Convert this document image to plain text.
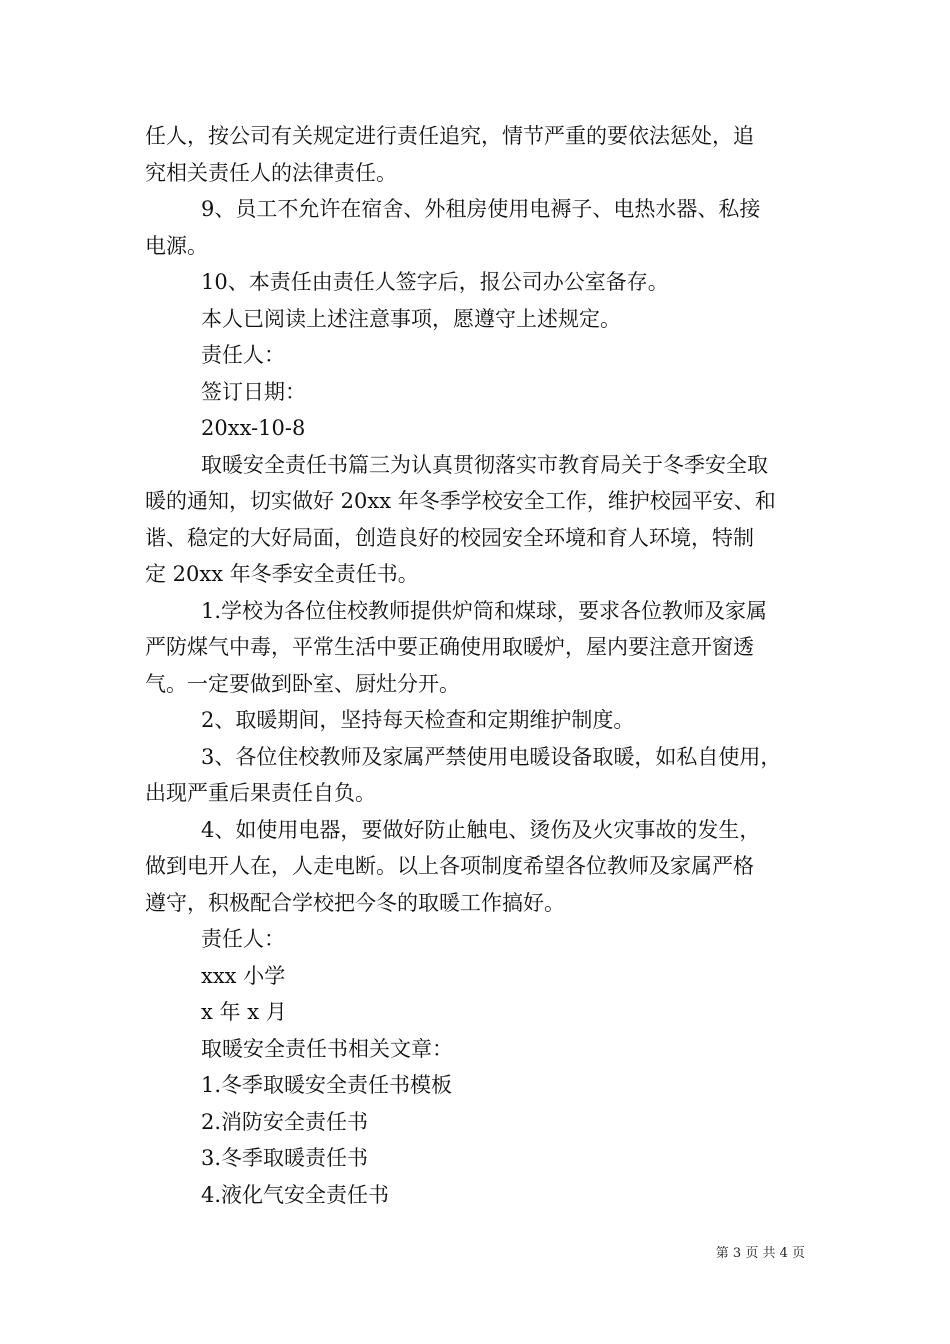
任人，按公司有关规定进行责任追究，情节严重的要依法惩处，追
究相关责任人的法律责任。

9、员工不允许在宿舍、外租房使用电褥子、电热水器、私接
电源。

10、本责任由责任人签字后，报公司办公室备存。

本人已阅读上述注意事项，愿遵守上述规定。

责任人：

签订日期：

20xx-10-8

取暖安全责任书篇三为认真贯彻落实市教育局关于冬季安全取
暖的通知，切实做好 20xx 年冬季学校安全工作，维护校园平安、和
谐、稳定的大好局面，创造良好的校园安全环境和育人环境，特制
定 20xx 年冬季安全责任书。

1.学校为各位住校教师提供炉筒和煤球，要求各位教师及家属
严防煤气中毒，平常生活中要正确使用取暖炉，屋内要注意开窗透
气。一定要做到卧室、厨灶分开。

2、取暖期间，坚持每天检查和定期维护制度。

3、各位住校教师及家属严禁使用电暖设备取暖，如私自使用，
出现严重后果责任自负。

4、如使用电器，要做好防止触电、烫伤及火灾事故的发生，
做到电开人在，人走电断。以上各项制度希望各位教师及家属严格
遵守，积极配合学校把今冬的取暖工作搞好。

责任人：

xxx 小学

x 年 x 月

取暖安全责任书相关文章：

1.冬季取暖安全责任书模板

2.消防安全责任书

3.冬季取暖责任书

4.液化气安全责任书

第 3 页 共 4 页
